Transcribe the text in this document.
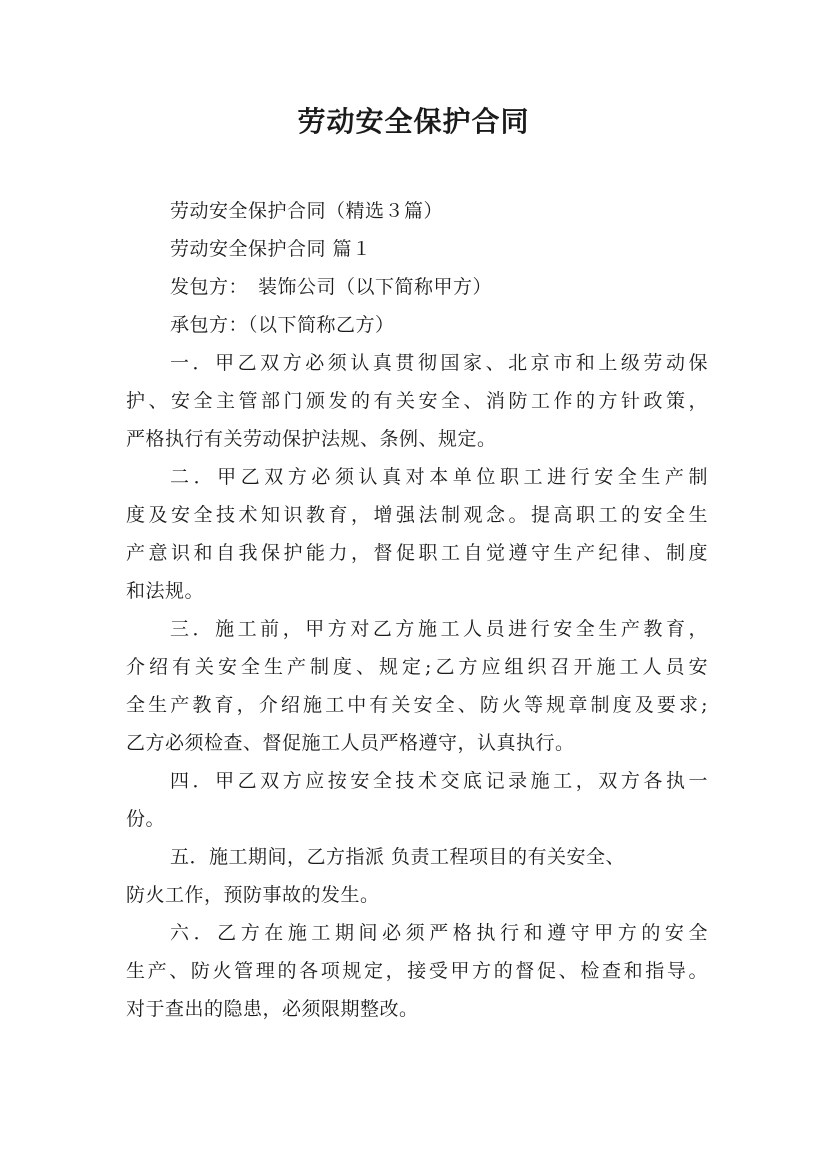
劳动安全保护合同

劳动安全保护合同（精选３篇）

劳动安全保护合同 篇１

发包方：　装饰公司（以下简称甲方）

承包方：（以下简称乙方）

一．甲乙双方必须认真贯彻国家、北京市和上级劳动保

护、安全主管部门颁发的有关安全、消防工作的方针政策，

严格执行有关劳动保护法规、条例、规定。

二．甲乙双方必须认真对本单位职工进行安全生产制

度及安全技术知识教育，增强法制观念。提高职工的安全生

产意识和自我保护能力，督促职工自觉遵守生产纪律、制度

和法规。

三．施工前，甲方对乙方施工人员进行安全生产教育，

介绍有关安全生产制度、规定;乙方应组织召开施工人员安

全生产教育，介绍施工中有关安全、防火等规章制度及要求;

乙方必须检查、督促施工人员严格遵守，认真执行。

四．甲乙双方应按安全技术交底记录施工，双方各执一

份。

五．施工期间，乙方指派 负责工程项目的有关安全、

防火工作，预防事故的发生。

六．乙方在施工期间必须严格执行和遵守甲方的安全

生产、防火管理的各项规定，接受甲方的督促、检查和指导。

对于查出的隐患，必须限期整改。
